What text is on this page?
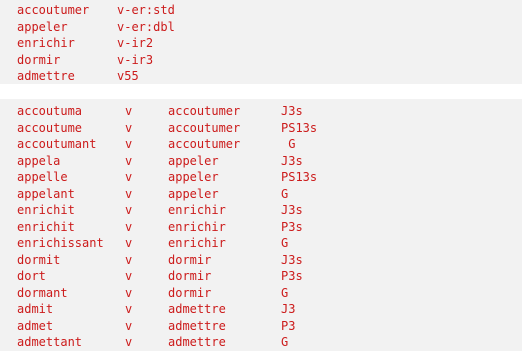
accoutumer v-er:std
appeler	v-er:dbl
enrichir	v-ir2
dormir	v-ir3
admettre	v55
accoutuma	v	accoutumer	J3s
accoutume	v	accoutumer	PS13s
accoutumant v	accoutumer	G
appela	v	appeler	J3s
appelle	v	appeler	PS13s
appelant	v	appeler	G
enrichit	v	enrichir	J3s
enrichit	v	enrichir	P3s
enrichissant v	enrichir	G
dormit	v	dormir	J3s
dort	v	dormir	P3s
dormant	v	dormir	G
admit	v	admettre	J3
admet	v	admettre	P3
admettant	v	admettre	G
